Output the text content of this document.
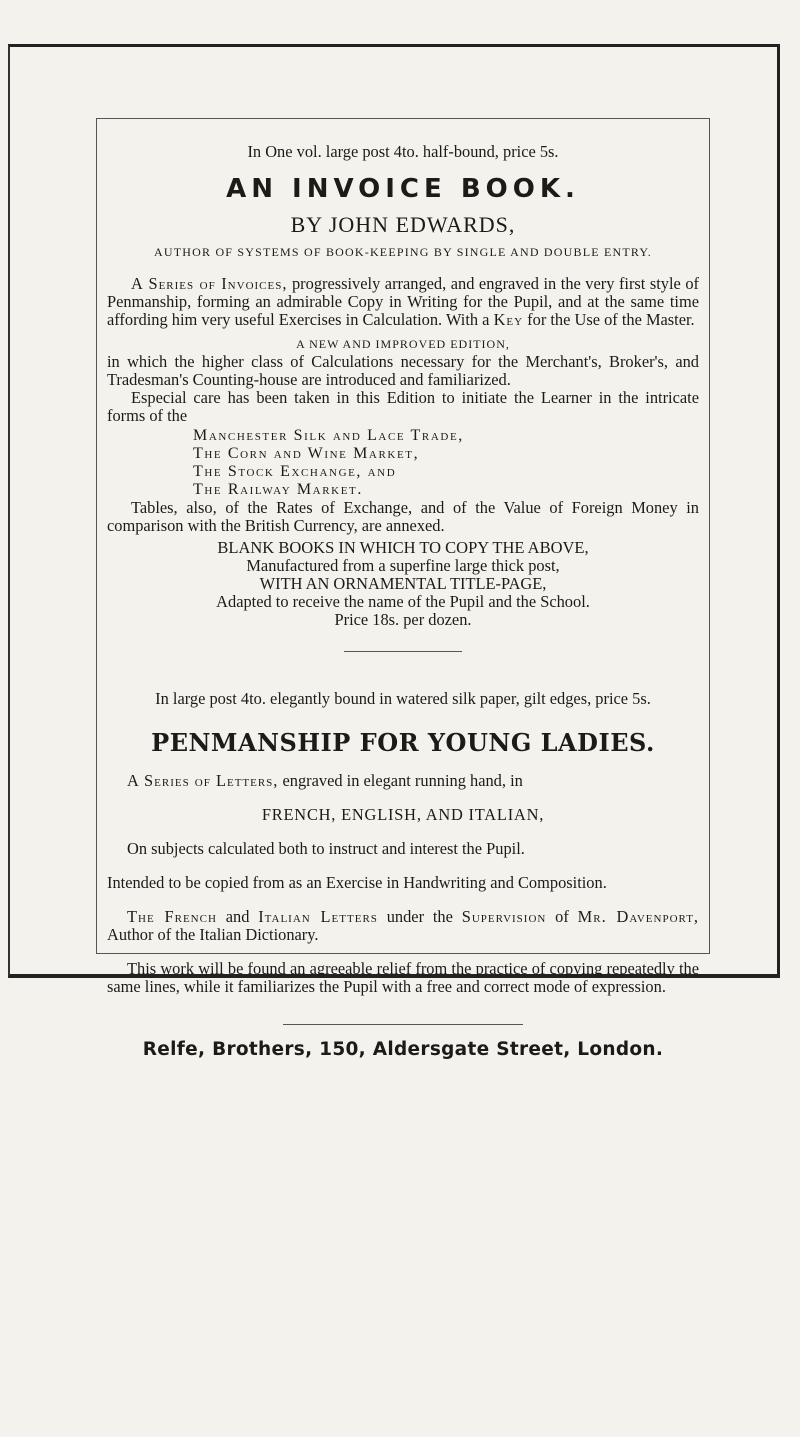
In One vol. large post 4to. half-bound, price 5s.

AN INVOICE BOOK.

BY JOHN EDWARDS,

AUTHOR OF SYSTEMS OF BOOK-KEEPING BY SINGLE AND DOUBLE ENTRY.

A Series of Invoices, progressively arranged, and engraved in the very first style of Penmanship, forming an admirable Copy in Writing for the Pupil, and at the same time affording him very useful Exercises in Calculation. With a Key for the Use of the Master.

A NEW AND IMPROVED EDITION,

in which the higher class of Calculations necessary for the Merchant's, Broker's, and Tradesman's Counting-house are introduced and familiarized.

Especial care has been taken in this Edition to initiate the Learner in the intricate forms of the

Manchester Silk and Lace Trade,
The Corn and Wine Market,
The Stock Exchange, and
The Railway Market.

Tables, also, of the Rates of Exchange, and of the Value of Foreign Money in comparison with the British Currency, are annexed.

BLANK BOOKS IN WHICH TO COPY THE ABOVE,

Manufactured from a superfine large thick post,

WITH AN ORNAMENTAL TITLE-PAGE,

Adapted to receive the name of the Pupil and the School.

Price 18s. per dozen.

In large post 4to. elegantly bound in watered silk paper, gilt edges, price 5s.

PENMANSHIP FOR YOUNG LADIES.

A Series of Letters, engraved in elegant running hand, in

FRENCH, ENGLISH, AND ITALIAN,

On subjects calculated both to instruct and interest the Pupil.

Intended to be copied from as an Exercise in Handwriting and Composition.

The French and Italian Letters under the Supervision of Mr. Davenport, Author of the Italian Dictionary.

This work will be found an agreeable relief from the practice of copying repeatedly the same lines, while it familiarizes the Pupil with a free and correct mode of expression.

Relfe, Brothers, 150, Aldersgate Street, London.
